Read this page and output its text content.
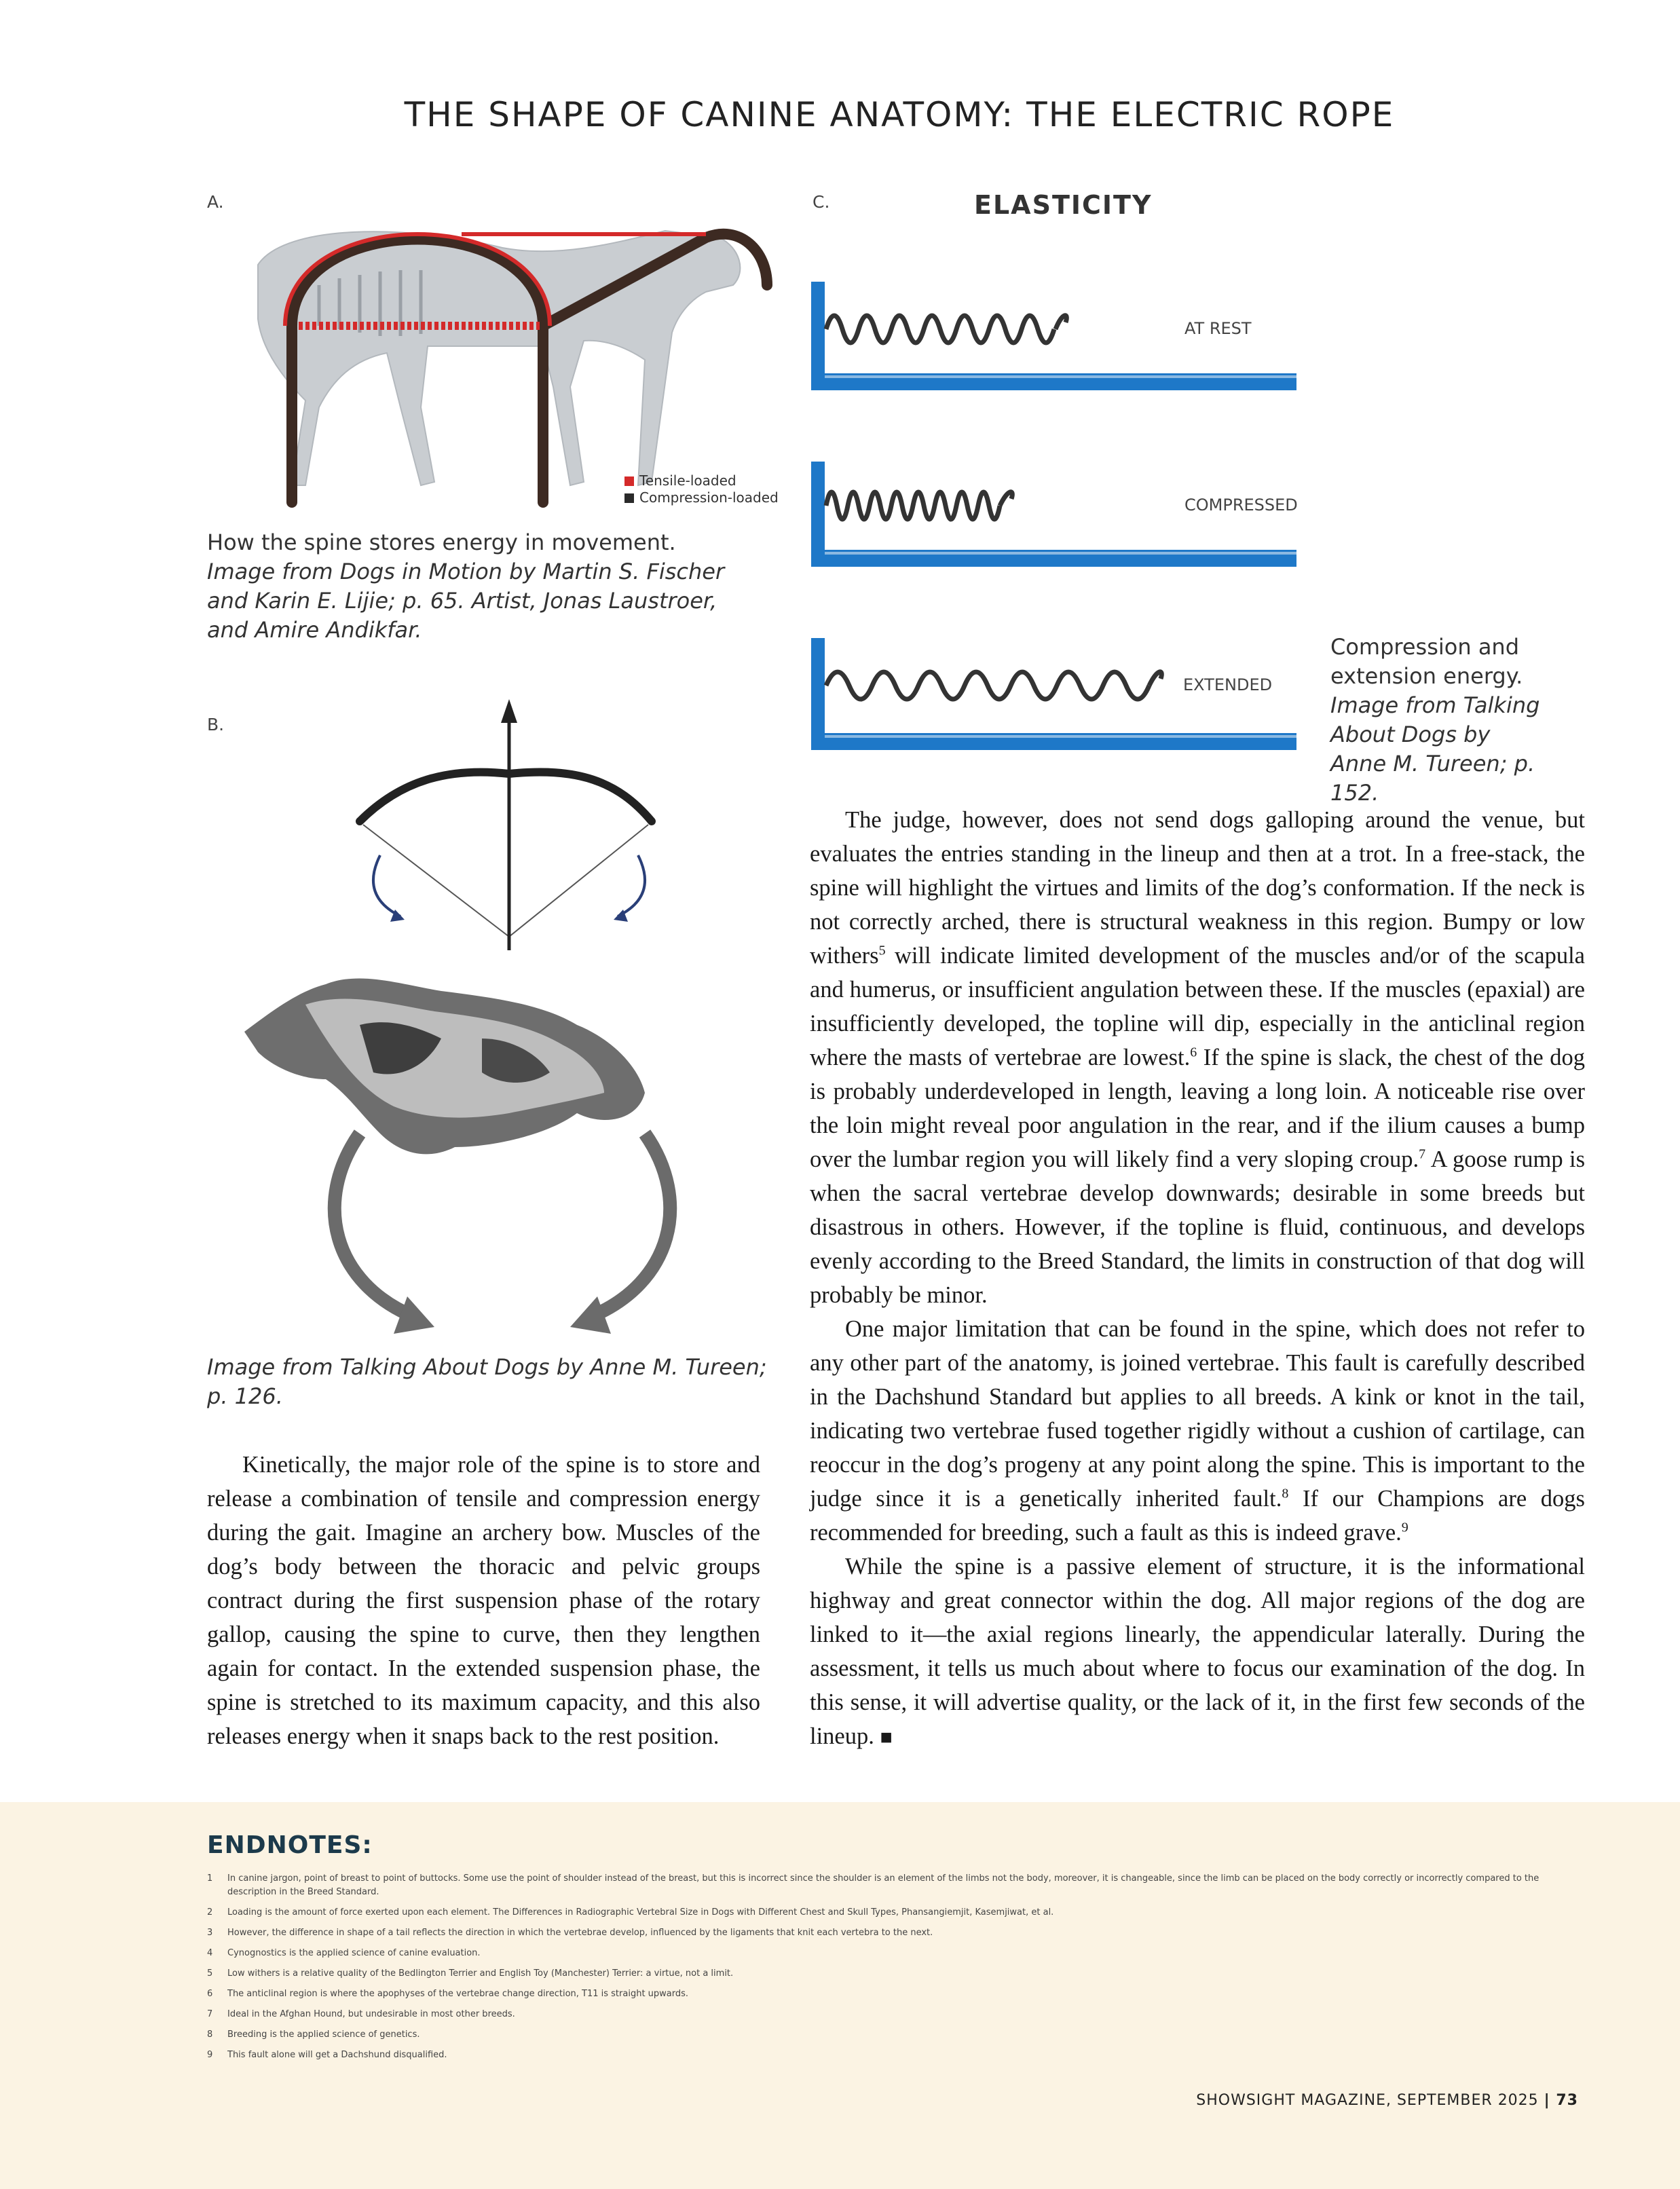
THE SHAPE OF CANINE ANATOMY: THE ELECTRIC ROPE
A.
Tensile-loaded
Compression-loaded
How the spine stores energy in movement.
Image from Dogs in Motion by Martin S. Fischer
and Karin E. Lijie; p. 65. Artist, Jonas Laustroer,
and Amire Andikfar.
B.
Image from Talking About Dogs by Anne M. Tureen;
p. 126.

Kinetically, the major role of the spine is to store and release a combination of tensile and compression energy during the gait. Imagine an archery bow. Muscles of the dog’s body between the thoracic and pelvic groups contract during the first suspension phase of the rotary gallop, causing the spine to curve, then they lengthen again for contact. In the extended suspension phase, the spine is stretched to its maximum capacity, and this also releases energy when it snaps back to the rest position.

C.	ELASTICITY
AT REST
COMPRESSED
EXTENDED
Compression and
extension energy.
Image from Talking
About Dogs by
Anne M. Tureen; p. 152.

The judge, however, does not send dogs galloping around the venue, but evaluates the entries standing in the lineup and then at a trot. In a free-stack, the spine will highlight the virtues and limits of the dog’s conformation. If the neck is not correctly arched, there is structural weakness in this region. Bumpy or low withers$^5$ will indicate limited development of the muscles and/or of the scapula and humerus, or insufficient angulation between these. If the muscles (epaxial) are insufficiently developed, the topline will dip, especially in the anticlinal region where the masts of vertebrae are lowest.$^6$ If the spine is slack, the chest of the dog is probably underdeveloped in length, leaving a long loin. A noticeable rise over the loin might reveal poor angulation in the rear, and if the ilium causes a bump over the lumbar region you will likely find a very sloping croup.$^7$ A goose rump is when the sacral vertebrae develop downwards; desirable in some breeds but disastrous in others. However, if the topline is fluid, continuous, and develops evenly according to the Breed Standard, the limits in construction of that dog will probably be minor.

One major limitation that can be found in the spine, which does not refer to any other part of the anatomy, is joined vertebrae. This fault is carefully described in the Dachshund Standard but applies to all breeds. A kink or knot in the tail, indicating two vertebrae fused together rigidly without a cushion of cartilage, can reoccur in the dog’s progeny at any point along the spine. This is important to the judge since it is a genetically inherited fault.$^8$ If our Champions are dogs recommended for breeding, such a fault as this is indeed grave.$^9$

While the spine is a passive element of structure, it is the informational highway and great connector within the dog. All major regions of the dog are linked to it—the axial regions linearly, the appendicular laterally. During the assessment, it tells us much about where to focus our examination of the dog. In this sense, it will advertise quality, or the lack of it, in the first few seconds of the lineup. ■

ENDNOTES:
1	In canine jargon, point of breast to point of buttocks. Some use the point of shoulder instead of the breast, but this is incorrect since the shoulder is an element of the limbs not the body, moreover, it is changeable, since the limb can be placed on the body correctly or incorrectly compared to the description in the Breed Standard.
2	Loading is the amount of force exerted upon each element. The Differences in Radiographic Vertebral Size in Dogs with Different Chest and Skull Types, Phansangiemjit, Kasemjiwat, et al.
3	However, the difference in shape of a tail reflects the direction in which the vertebrae develop, influenced by the ligaments that knit each vertebra to the next.
4	Cynognostics is the applied science of canine evaluation.
5	Low withers is a relative quality of the Bedlington Terrier and English Toy (Manchester) Terrier: a virtue, not a limit.
6	The anticlinal region is where the apophyses of the vertebrae change direction, T11 is straight upwards.
7	Ideal in the Afghan Hound, but undesirable in most other breeds.
8	Breeding is the applied science of genetics.
9	This fault alone will get a Dachshund disqualified.
SHOWSIGHT MAGAZINE, SEPTEMBER 2025 | 73
